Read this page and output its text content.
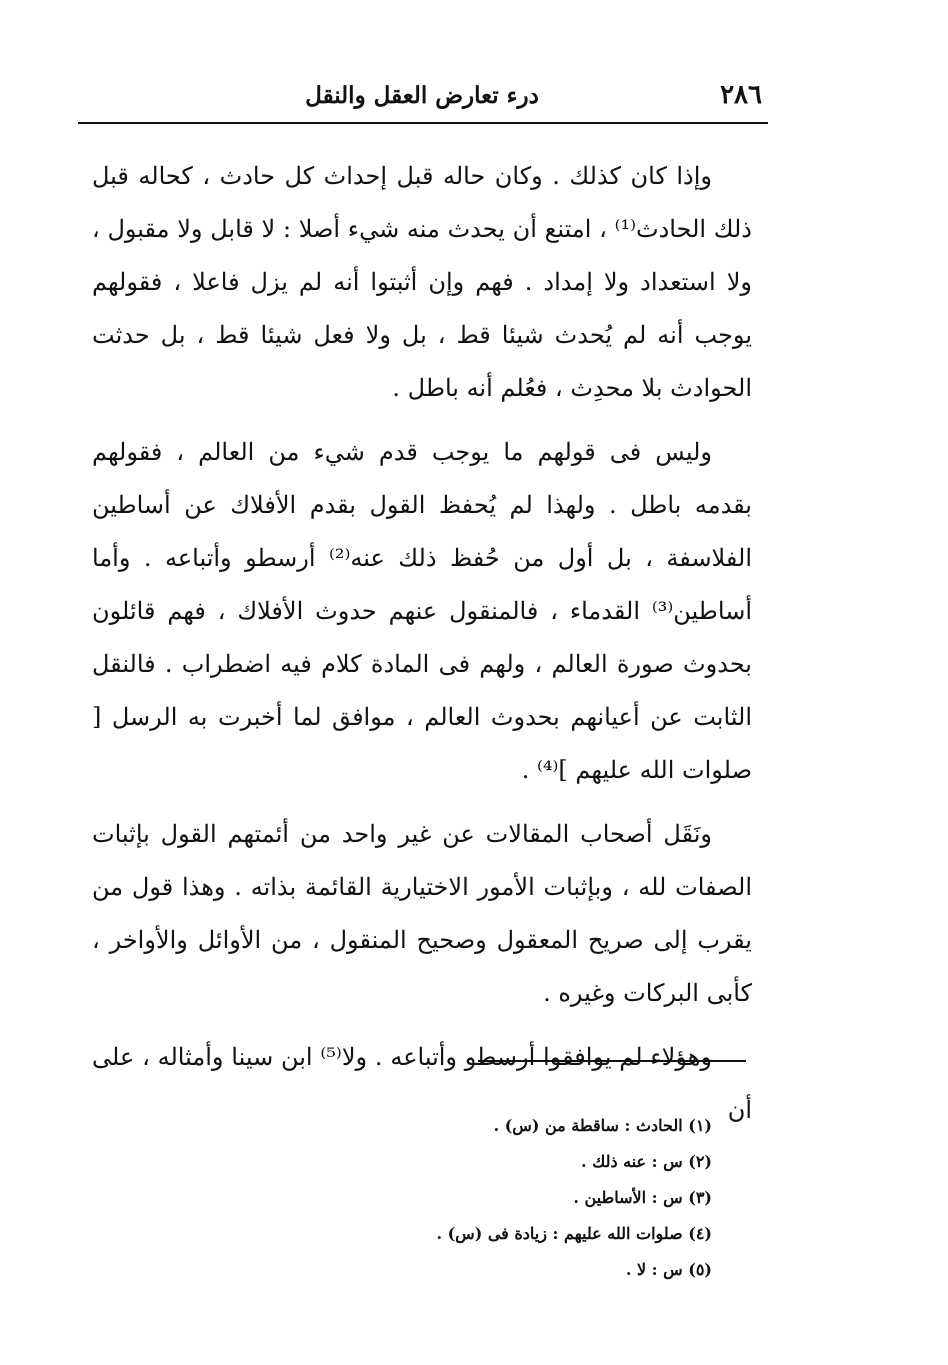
٢٨٦
درء تعارض العقل والنقل

وإذا كان كذلك . وكان حاله قبل إحداث كل حادث ، كحاله قبل ذلك الحادث⁽¹⁾ ، امتنع أن يحدث منه شيء أصلا : لا قابل ولا مقبول ، ولا استعداد ولا إمداد . فهم وإن أثبتوا أنه لم يزل فاعلا ، فقولهم يوجب أنه لم يُحدث شيئا قط ، بل ولا فعل شيئا قط ، بل حدثت الحوادث بلا محدِث ، فعُلم أنه باطل .

وليس فى قولهم ما يوجب قدم شيء من العالم ، فقولهم بقدمه باطل . ولهذا لم يُحفظ القول بقدم الأفلاك عن أساطين الفلاسفة ، بل أول من حُفظ ذلك عنه⁽²⁾ أرسطو وأتباعه . وأما أساطين⁽³⁾ القدماء ، فالمنقول عنهم حدوث الأفلاك ، فهم قائلون بحدوث صورة العالم ، ولهم فى المادة كلام فيه اضطراب . فالنقل الثابت عن أعيانهم بحدوث العالم ، موافق لما أخبرت به الرسل [ صلوات الله عليهم ]⁽⁴⁾ .

ونَقَل أصحاب المقالات عن غير واحد من أئمتهم القول بإثبات الصفات لله ، وبإثبات الأمور الاختيارية القائمة بذاته . وهذا قول من يقرب إلى صريح المعقول وصحيح المنقول ، من الأوائل والأواخر ، كأبى البركات وغيره .

وهؤلاء لم يوافقوا أرسطو وأتباعه . ولا⁽⁵⁾ ابن سينا وأمثاله ، على أن

(١) الحادث : ساقطة من (س) .
(٢) س : عنه ذلك .
(٣) س : الأساطين .
(٤) صلوات الله عليهم : زيادة فى (س) .
(٥) س : لا .
